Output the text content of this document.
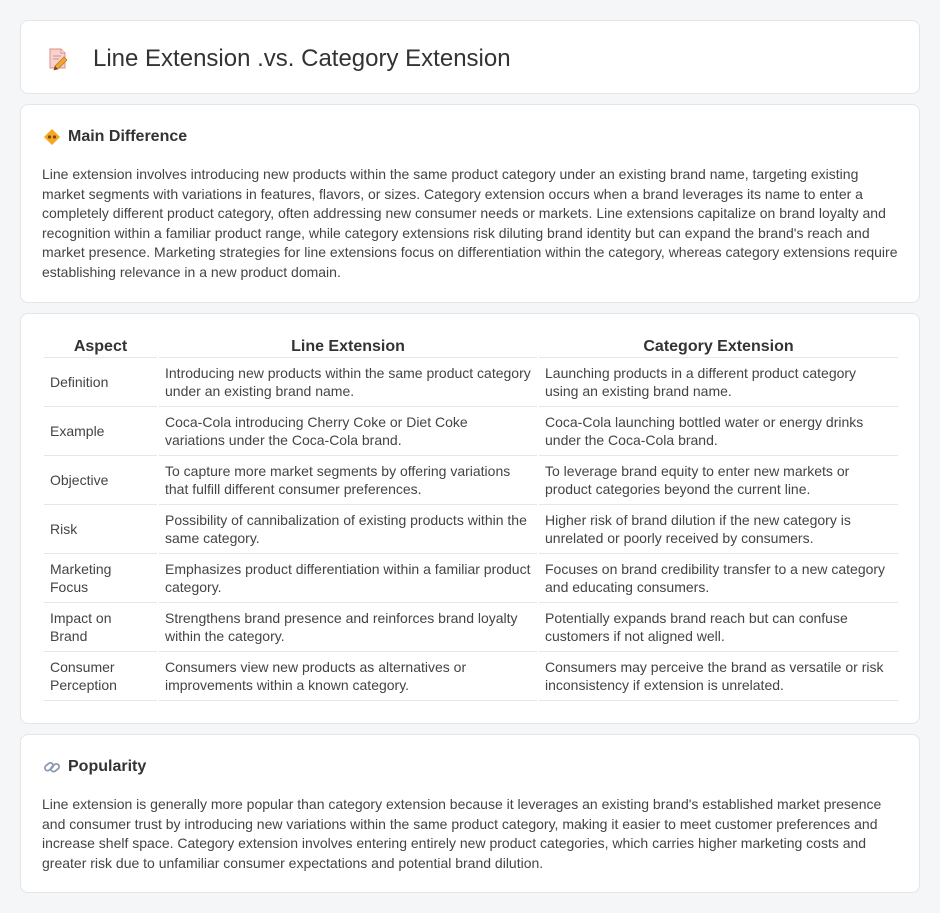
Line Extension .vs. Category Extension
Main Difference

Line extension involves introducing new products within the same product category under an existing brand name, targeting existing market segments with variations in features, flavors, or sizes. Category extension occurs when a brand leverages its name to enter a completely different product category, often addressing new consumer needs or markets. Line extensions capitalize on brand loyalty and recognition within a familiar product range, while category extensions risk diluting brand identity but can expand the brand's reach and market presence. Marketing strategies for line extensions focus on differentiation within the category, whereas category extensions require establishing relevance in a new product domain.

Aspect	Line Extension	Category Extension
Definition	Introducing new products within the same product category under an existing brand name.	Launching products in a different product category using an existing brand name.
Example	Coca-Cola introducing Cherry Coke or Diet Coke variations under the Coca-Cola brand.	Coca-Cola launching bottled water or energy drinks under the Coca-Cola brand.
Objective	To capture more market segments by offering variations that fulfill different consumer preferences.	To leverage brand equity to enter new markets or product categories beyond the current line.
Risk	Possibility of cannibalization of existing products within the same category.	Higher risk of brand dilution if the new category is unrelated or poorly received by consumers.
Marketing Focus	Emphasizes product differentiation within a familiar product category.	Focuses on brand credibility transfer to a new category and educating consumers.
Impact on Brand	Strengthens brand presence and reinforces brand loyalty within the category.	Potentially expands brand reach but can confuse customers if not aligned well.
Consumer Perception	Consumers view new products as alternatives or improvements within a known category.	Consumers may perceive the brand as versatile or risk inconsistency if extension is unrelated.
Popularity

Line extension is generally more popular than category extension because it leverages an existing brand's established market presence and consumer trust by introducing new variations within the same product category, making it easier to meet customer preferences and increase shelf space. Category extension involves entering entirely new product categories, which carries higher marketing costs and greater risk due to unfamiliar consumer expectations and potential brand dilution.
